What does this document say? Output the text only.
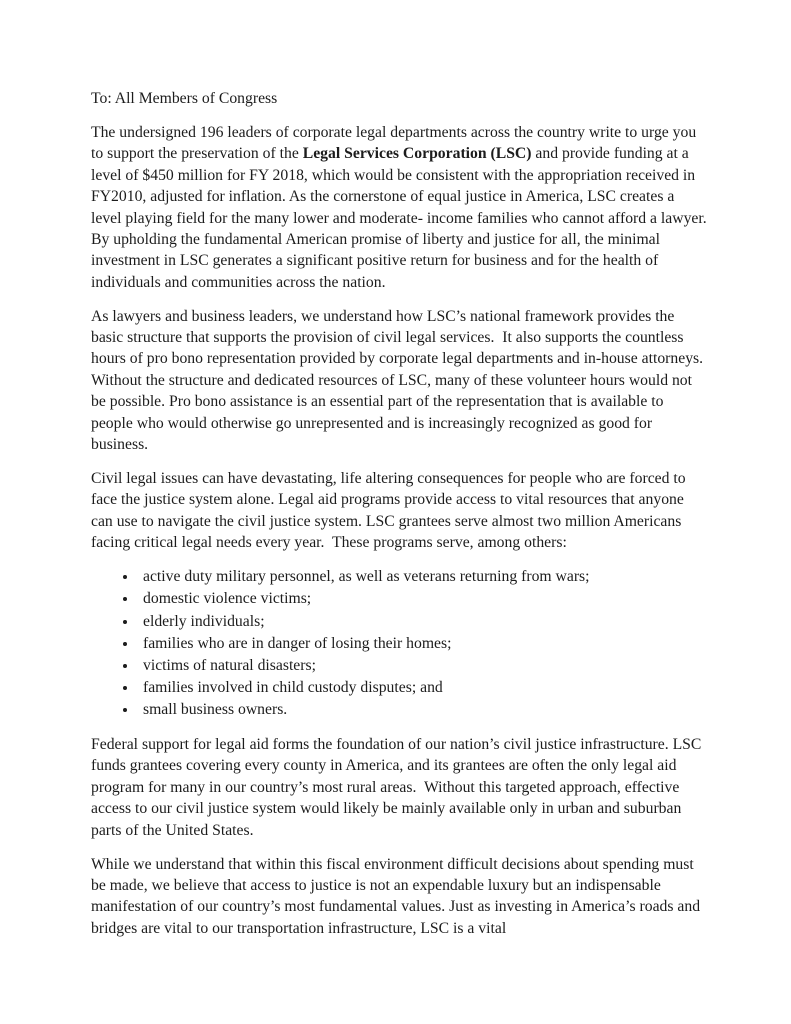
To: All Members of Congress

The undersigned 196 leaders of corporate legal departments across the country write to urge you to support the preservation of the Legal Services Corporation (LSC) and provide funding at a level of $450 million for FY 2018, which would be consistent with the appropriation received in FY2010, adjusted for inflation. As the cornerstone of equal justice in America, LSC creates a level playing field for the many lower and moderate- income families who cannot afford a lawyer. By upholding the fundamental American promise of liberty and justice for all, the minimal investment in LSC generates a significant positive return for business and for the health of individuals and communities across the nation.

As lawyers and business leaders, we understand how LSC’s national framework provides the basic structure that supports the provision of civil legal services.  It also supports the countless hours of pro bono representation provided by corporate legal departments and in-house attorneys.  Without the structure and dedicated resources of LSC, many of these volunteer hours would not be possible. Pro bono assistance is an essential part of the representation that is available to people who would otherwise go unrepresented and is increasingly recognized as good for business.

Civil legal issues can have devastating, life altering consequences for people who are forced to face the justice system alone. Legal aid programs provide access to vital resources that anyone can use to navigate the civil justice system. LSC grantees serve almost two million Americans facing critical legal needs every year.  These programs serve, among others:

• active duty military personnel, as well as veterans returning from wars;
• domestic violence victims;
• elderly individuals;
• families who are in danger of losing their homes;
• victims of natural disasters;
• families involved in child custody disputes; and
• small business owners.

Federal support for legal aid forms the foundation of our nation’s civil justice infrastructure. LSC funds grantees covering every county in America, and its grantees are often the only legal aid program for many in our country’s most rural areas.  Without this targeted approach, effective access to our civil justice system would likely be mainly available only in urban and suburban parts of the United States.

While we understand that within this fiscal environment difficult decisions about spending must be made, we believe that access to justice is not an expendable luxury but an indispensable manifestation of our country’s most fundamental values. Just as investing in America’s roads and bridges are vital to our transportation infrastructure, LSC is a vital
